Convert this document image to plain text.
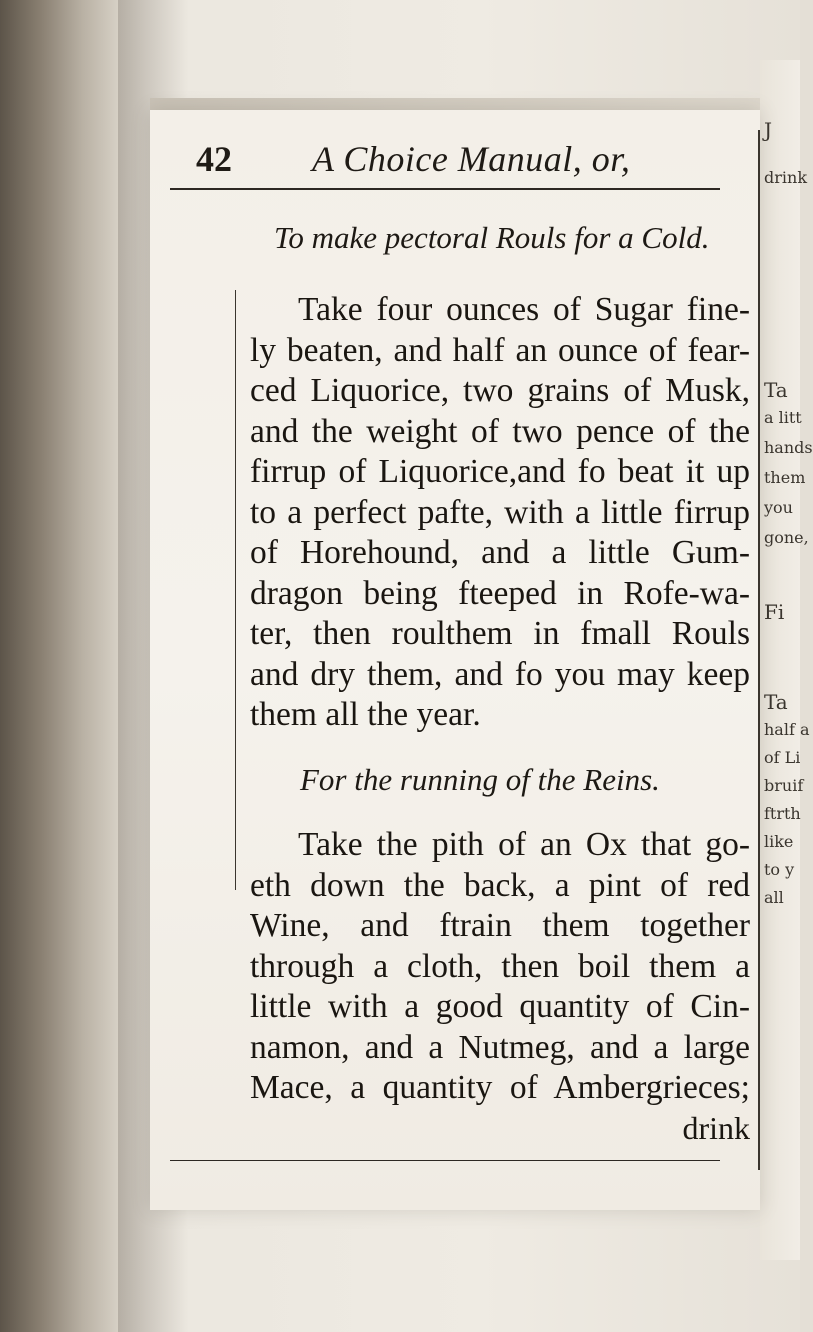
J
drink
Ta
a litt
hands
them
you
gone,
Fi
Ta
half a
of Li
bruif
ftrth
like
to y
all
42 A Choice Manual, or,
To make pectoral Rouls for a Cold.

Take four ounces of Sugar fine-
ly beaten, and half an ounce of fear-
ced Liquorice, two grains of Musk,
and the weight of two pence of the
firrup of Liquorice,and fo beat it up
to a perfect pafte, with a little firrup
of Horehound, and a little Gum-
dragon being fteeped in Rofe-wa-
ter, then roulthem in fmall Rouls
and dry them, and fo you may keep
them all the year.

For the running of the Reins.

Take the pith of an Ox that go-
eth down the back, a pint of red
Wine, and ftrain them together
through a cloth, then boil them a
little with a good quantity of Cin-
namon, and a Nutmeg, and a large
Mace, a quantity of Ambergrieces;

drink
